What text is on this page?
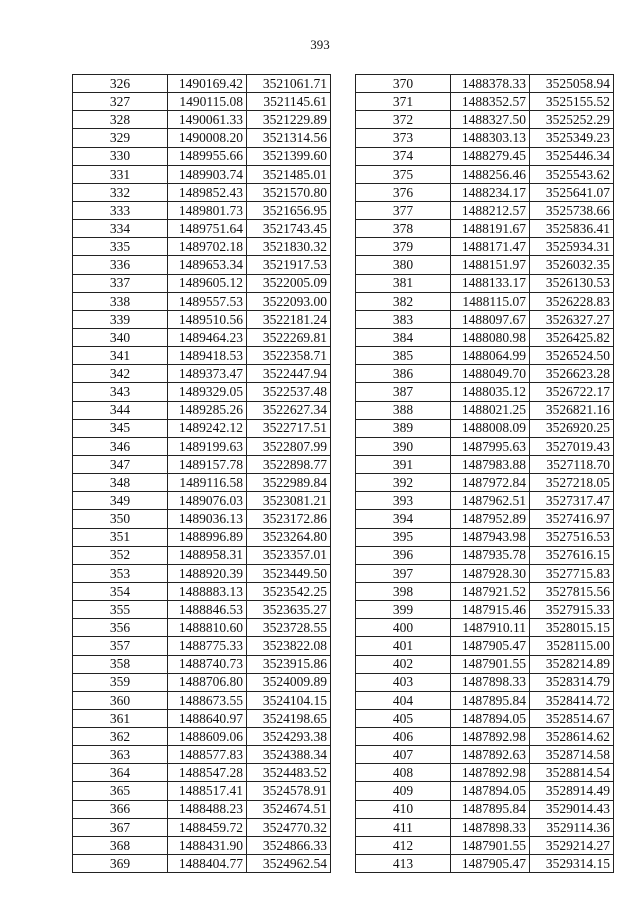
393
326	1490169.42	3521061.71
327	1490115.08	3521145.61
328	1490061.33	3521229.89
329	1490008.20	3521314.56
330	1489955.66	3521399.60
331	1489903.74	3521485.01
332	1489852.43	3521570.80
333	1489801.73	3521656.95
334	1489751.64	3521743.45
335	1489702.18	3521830.32
336	1489653.34	3521917.53
337	1489605.12	3522005.09
338	1489557.53	3522093.00
339	1489510.56	3522181.24
340	1489464.23	3522269.81
341	1489418.53	3522358.71
342	1489373.47	3522447.94
343	1489329.05	3522537.48
344	1489285.26	3522627.34
345	1489242.12	3522717.51
346	1489199.63	3522807.99
347	1489157.78	3522898.77
348	1489116.58	3522989.84
349	1489076.03	3523081.21
350	1489036.13	3523172.86
351	1488996.89	3523264.80
352	1488958.31	3523357.01
353	1488920.39	3523449.50
354	1488883.13	3523542.25
355	1488846.53	3523635.27
356	1488810.60	3523728.55
357	1488775.33	3523822.08
358	1488740.73	3523915.86
359	1488706.80	3524009.89
360	1488673.55	3524104.15
361	1488640.97	3524198.65
362	1488609.06	3524293.38
363	1488577.83	3524388.34
364	1488547.28	3524483.52
365	1488517.41	3524578.91
366	1488488.23	3524674.51
367	1488459.72	3524770.32
368	1488431.90	3524866.33
369	1488404.77	3524962.54
370	1488378.33	3525058.94
371	1488352.57	3525155.52
372	1488327.50	3525252.29
373	1488303.13	3525349.23
374	1488279.45	3525446.34
375	1488256.46	3525543.62
376	1488234.17	3525641.07
377	1488212.57	3525738.66
378	1488191.67	3525836.41
379	1488171.47	3525934.31
380	1488151.97	3526032.35
381	1488133.17	3526130.53
382	1488115.07	3526228.83
383	1488097.67	3526327.27
384	1488080.98	3526425.82
385	1488064.99	3526524.50
386	1488049.70	3526623.28
387	1488035.12	3526722.17
388	1488021.25	3526821.16
389	1488008.09	3526920.25
390	1487995.63	3527019.43
391	1487983.88	3527118.70
392	1487972.84	3527218.05
393	1487962.51	3527317.47
394	1487952.89	3527416.97
395	1487943.98	3527516.53
396	1487935.78	3527616.15
397	1487928.30	3527715.83
398	1487921.52	3527815.56
399	1487915.46	3527915.33
400	1487910.11	3528015.15
401	1487905.47	3528115.00
402	1487901.55	3528214.89
403	1487898.33	3528314.79
404	1487895.84	3528414.72
405	1487894.05	3528514.67
406	1487892.98	3528614.62
407	1487892.63	3528714.58
408	1487892.98	3528814.54
409	1487894.05	3528914.49
410	1487895.84	3529014.43
411	1487898.33	3529114.36
412	1487901.55	3529214.27
413	1487905.47	3529314.15
